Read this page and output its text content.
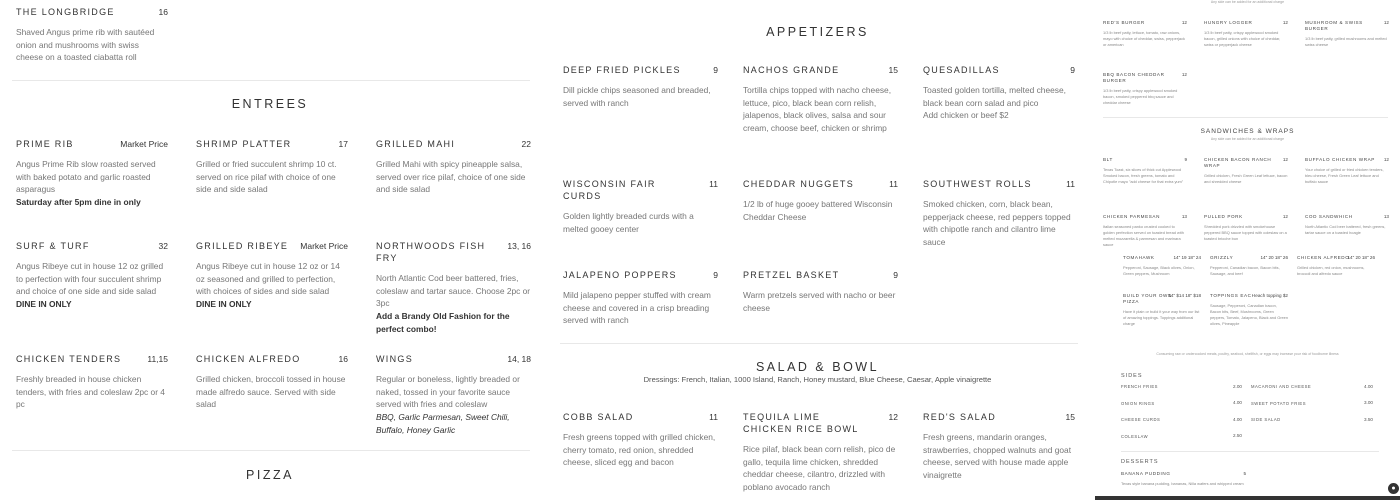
THE LONGBRIDGE	16
Shaved Angus prime rib with sautéed onion and mushrooms with swiss cheese on a toasted ciabatta roll
ENTREES
PRIME RIB	Market Price
Angus Prime Rib slow roasted served with baked potato and garlic roasted asparagus
Saturday after 5pm dine in only
SHRIMP PLATTER	17
Grilled or fried succulent shrimp 10 ct. served on rice pilaf with choice of one side and side salad
GRILLED MAHI	22
Grilled Mahi with spicy pineapple salsa, served over rice pilaf, choice of one side and side salad
SURF & TURF	32
Angus Ribeye cut in house 12 oz grilled to perfection with four succulent shrimp and choice of one side and side salad
DINE IN ONLY
GRILLED RIBEYE	Market Price
Angus Ribeye cut in house 12 oz or 14 oz seasoned and grilled to perfection, with choices of sides and side salad
DINE IN ONLY
NORTHWOODS FISH FRY
13, 16
North Atlantic Cod beer battered, fries, coleslaw and tartar sauce. Choose 2pc or 3pc
Add a Brandy Old Fashion for the perfect combo!
CHICKEN TENDERS	11,15
Freshly breaded in house chicken tenders, with fries and coleslaw 2pc or 4 pc
CHICKEN ALFREDO	16
Grilled chicken, broccoli tossed in house made alfredo sauce. Served with side salad
WINGS	14, 18
Regular or boneless, lightly breaded or naked, tossed in your favorite sauce served with fries and coleslaw
BBQ, Garlic Parmesan, Sweet Chili, Buffalo, Honey Garlic
PIZZA
APPETIZERS
DEEP FRIED PICKLES	9
Dill pickle chips seasoned and breaded, served with ranch
NACHOS GRANDE	15
Tortilla chips topped with nacho cheese, lettuce, pico, black bean corn relish, jalapenos, black olives, salsa and sour cream, choose beef, chicken or shrimp
QUESADILLAS	9
Toasted golden tortilla, melted cheese, black bean corn salad and pico
Add chicken or beef $2
WISCONSIN FAIR CURDS
11
Golden lightly breaded curds with a melted gooey center
CHEDDAR NUGGETS	11
1/2 lb of huge gooey battered Wisconsin Cheddar Cheese
SOUTHWEST ROLLS	11
Smoked chicken, corn, black bean, pepperjack cheese, red peppers topped with chipotle ranch and cilantro lime sauce
JALAPENO POPPERS	9
Mild jalapeno pepper stuffed with cream cheese and covered in a crisp breading served with ranch
PRETZEL BASKET	9
Warm pretzels served with nacho or beer cheese
SALAD & BOWL
Dressings: French, Italian, 1000 Island, Ranch, Honey mustard, Blue Cheese, Caesar, Apple vinaigrette
COBB SALAD	11
Fresh greens topped with grilled chicken, cherry tomato, red onion, shredded cheese, sliced egg and bacon
TEQUILA LIME CHICKEN RICE BOWL
12
Rice pilaf, black bean corn relish, pico de gallo, tequila lime chicken, shredded cheddar cheese, cilantro, drizzled with poblano avocado ranch
RED'S SALAD	15
Fresh greens, mandarin oranges, strawberries, chopped walnuts and goat cheese, served with house made apple vinaigrette
Any side can be added for an additional charge
RED'S BURGER	12
1/3 lb beef patty, lettuce, tomato, raw onions, mayo with choice of cheddar, swiss, pepperjack or american
HUNGRY LOGGER	12
1/3 lb beef patty, crispy applewood smoked bacon, grilled onions with choice of cheddar, swiss or pepperjack cheese
MUSHROOM & SWISS BURGER
12
1/3 lb beef patty, grilled mushrooms and melted swiss cheese
BBQ BACON CHEDDAR BURGER
12
1/3 lb beef patty, crispy applewood smoked bacon, smoked peppered bbq sauce and cheddar cheese
SANDWICHES & WRAPS
Any side can be added for an additional charge
BLT	9
Texas Toast, six slices of thick cut Applewood Smoked bacon, fresh greens, tomato and Chipotle mayo "add cheese for that extra yum"
CHICKEN BACON RANCH WRAP
12
Grilled chicken, Fresh Green Leaf lettuce, bacon and shredded cheese
BUFFALO CHICKEN WRAP	12
Your choice of grilled or fried chicken tenders, bleu cheese, Fresh Green Leaf lettuce and buffalo sauce
CHICKEN PARMESAN	13
Italian seasoned panko crusted cooked to golden perfection served on toasted bread with melted mozzarella & parmesan and marinara sauce
PULLED PORK	12
Shredded pork drizzled with smokehouse peppered BBQ sauce topped with coleslaw on a toasted brioche bun
COD SANDWHICH	13
North Atlantic Cod beer battered, fresh greens, tartar sauce on a toasted hoagie
TOMAHAWK	14" 19 18" 24
Pepperoni, Sausage, Black olives, Onion, Green peppers, Mushroom
GRIZZLY	14" 20 18" 26
Pepperoni, Canadian bacon, Bacon bits, Sausage, and beef
CHICKEN ALFREDO
14" 20 18" 26
Grilled chicken, red onion, mushrooms, broccoli and alfredo sauce
BUILD YOUR OWN PIZZA
14" $14 18" $18
Have it plain or build it your way from our list of amazing toppings. Toppings additional charge
TOPPINGS EACH each topping $2
Sausage, Pepperoni, Canadian bacon, Bacon bits, Beef, Mushrooms, Green peppers, Tomato, Jalapeno, Black and Green olives, Pineapple
Consuming raw or undercooked meats, poultry, seafood, shellfish, or eggs may increase your risk of foodborne illness
SIDES
FRENCH FRIES	2.00 MACARONI AND CHEESE	4.00
ONION RINGS	4.00 SWEET POTATO FRIES	3.00
CHEESE CURDS	4.00 SIDE SALAD	3.50
COLESLAW	2.50
DESSERTS
BANANA PUDDING	5
Texas style banana pudding, bananas, Nilla wafers and whipped cream
●
